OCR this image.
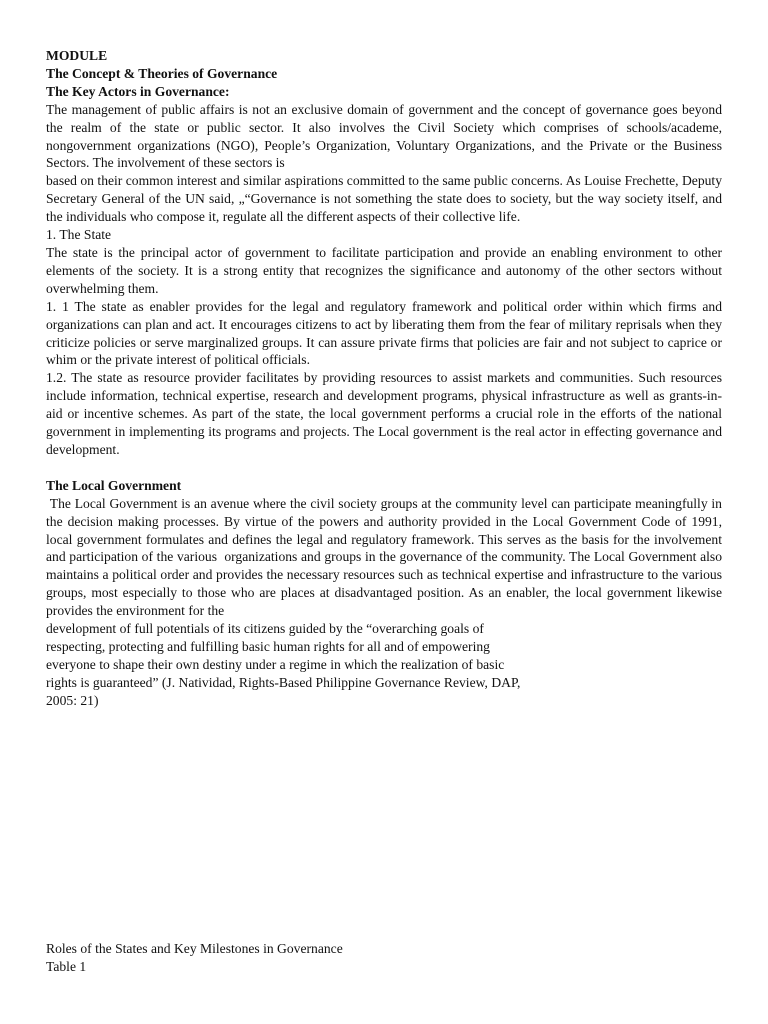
MODULE

The Concept & Theories of Governance

The Key Actors in Governance:

The management of public affairs is not an exclusive domain of government and the concept of governance goes beyond the realm of the state or public sector. It also involves the Civil Society which comprises of schools/academe, nongovernment organizations (NGO), People’s Organization, Voluntary Organizations, and the Private or the Business Sectors. The involvement of these sectors is

based on their common interest and similar aspirations committed to the same public concerns. As Louise Frechette, Deputy Secretary General of the UN said, „“Governance is not something the state does to society, but the way society itself, and the individuals who compose it, regulate all the different aspects of their collective life.

1. The State

The state is the principal actor of government to facilitate participation and provide an enabling environment to other elements of the society. It is a strong entity that recognizes the significance and autonomy of the other sectors without overwhelming them.

1. 1 The state as enabler provides for the legal and regulatory framework and political order within which firms and organizations can plan and act. It encourages citizens to act by liberating them from the fear of military reprisals when they criticize policies or serve marginalized groups. It can assure private firms that policies are fair and not subject to caprice or whim or the private interest of political officials.

1.2. The state as resource provider facilitates by providing resources to assist markets and communities. Such resources include information, technical expertise, research and development programs, physical infrastructure as well as grants-in-aid or incentive schemes. As part of the state, the local government performs a crucial role in the efforts of the national government in implementing its programs and projects. The Local government is the real actor in effecting governance and development.

The Local Government

The Local Government is an avenue where the civil society groups at the community level can participate meaningfully in the decision making processes. By virtue of the powers and authority provided in the Local Government Code of 1991, local government formulates and defines the legal and regulatory framework. This serves as the basis for the involvement and participation of the various  organizations and groups in the governance of the community. The Local Government also maintains a political order and provides the necessary resources such as technical expertise and infrastructure to the various groups, most especially to those who are places at disadvantaged position. As an enabler, the local government likewise provides the environment for the

development of full potentials of its citizens guided by the “overarching goals of

respecting, protecting and fulfilling basic human rights for all and of empowering

everyone to shape their own destiny under a regime in which the realization of basic

rights is guaranteed” (J. Natividad, Rights-Based Philippine Governance Review, DAP,

2005: 21)

Roles of the States and Key Milestones in Governance

Table 1
